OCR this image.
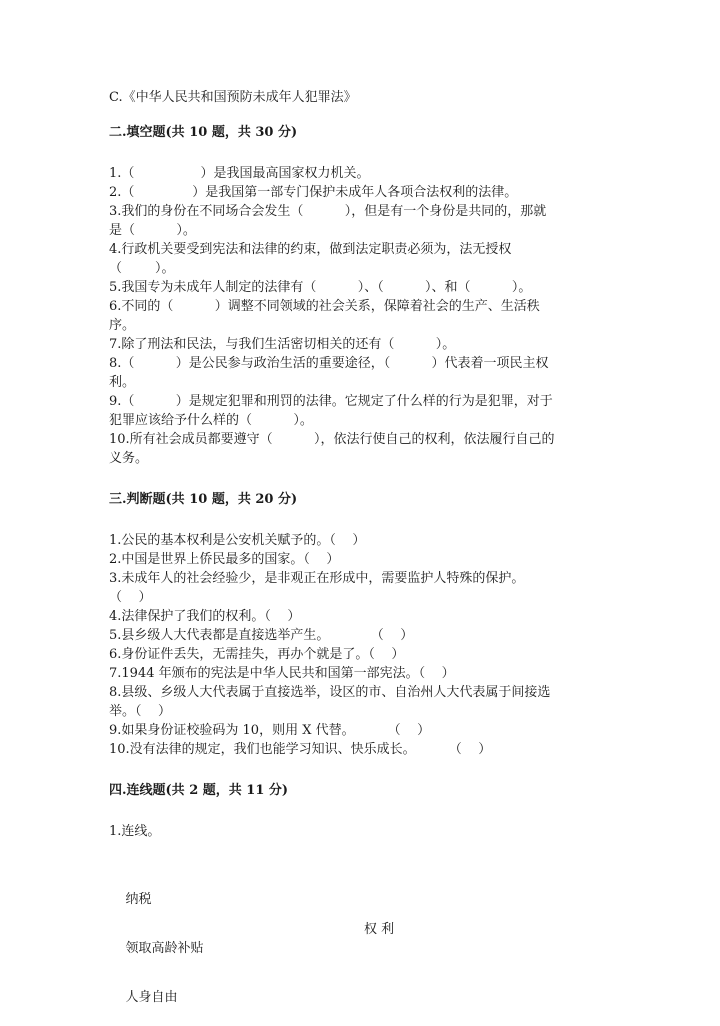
C.《中华人民共和国预防未成年人犯罪法》
二.填空题(共 10 题，共 30 分)
1.（                ）是我国最高国家权力机关。
2.（              ）是我国第一部专门保护未成年人各项合法权利的法律。
3.我们的身份在不同场合会发生（          ），但是有一个身份是共同的，那就
是（          ）。
4.行政机关要受到宪法和法律的约束，做到法定职责必须为，法无授权
（        ）。
5.我国专为未成年人制定的法律有（          ）、（          ）、和（          ）。
6.不同的（          ）调整不同领域的社会关系，保障着社会的生产、生活秩
序。
7.除了刑法和民法，与我们生活密切相关的还有（          ）。
8.（          ）是公民参与政治生活的重要途径，（          ）代表着一项民主权
利。
9.（          ）是规定犯罪和刑罚的法律。它规定了什么样的行为是犯罪，对于
犯罪应该给予什么样的（          ）。
10.所有社会成员都要遵守（          ），依法行使自己的权利，依法履行自己的
义务。
三.判断题(共 10 题，共 20 分)
1.公民的基本权利是公安机关赋予的。（    ）
2.中国是世界上侨民最多的国家。（    ）
3.未成年人的社会经验少，是非观正在形成中，需要监护人特殊的保护。
（    ）
4.法律保护了我们的权利。（    ）
5.县乡级人大代表都是直接选举产生。          （    ）
6.身份证件丢失，无需挂失，再办个就是了。（    ）
7.1944 年颁布的宪法是中华人民共和国第一部宪法。（    ）
8.县级、乡级人大代表属于直接选举，设区的市、自治州人大代表属于间接选
举。（    ）
9.如果身份证校验码为 10，则用 X 代替。        （    ）
10.没有法律的规定，我们也能学习知识、快乐成长。        （    ）
四.连线题(共 2 题，共 11 分)
1.连线。

纳税

领取高龄补贴

权 利

人身自由
